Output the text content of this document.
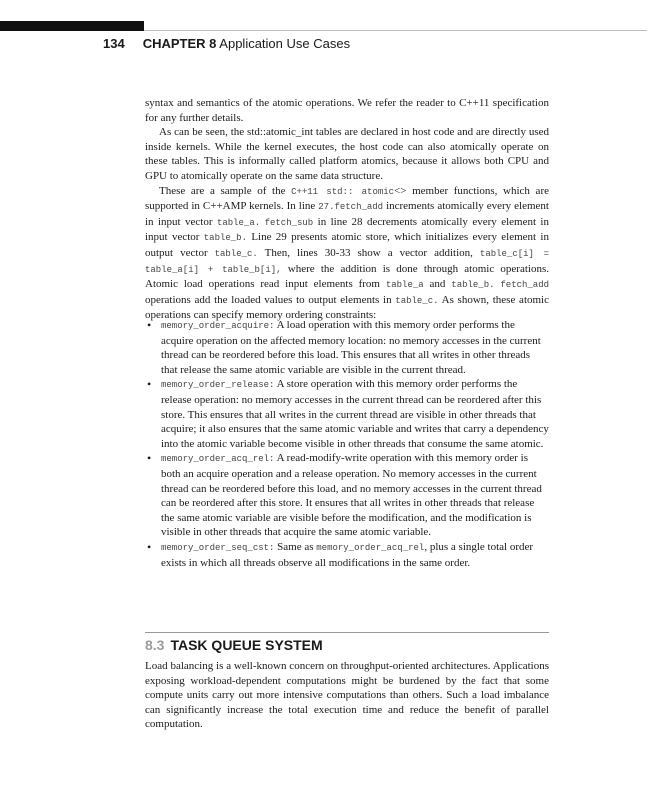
134 CHAPTER 8 Application Use Cases

syntax and semantics of the atomic operations. We refer the reader to C++11 specification for any further details.

As can be seen, the std::atomic_int tables are declared in host code and are directly used inside kernels. While the kernel executes, the host code can also atomically operate on these tables. This is informally called platform atomics, because it allows both CPU and GPU to atomically operate on the same data structure.

These are a sample of the C++11 std:: atomic<> member functions, which are supported in C++AMP kernels. In line 27.fetch_add increments atomically every element in input vector table_a. fetch_sub in line 28 decrements atomically every element in input vector table_b. Line 29 presents atomic store, which initializes every element in output vector table_c. Then, lines 30-33 show a vector addition, table_c[i] = table_a[i] + table_b[i], where the addition is done through atomic operations. Atomic load operations read input elements from table_a and table_b. fetch_add operations add the loaded values to output elements in table_c. As shown, these atomic operations can specify memory ordering constraints:

• memory_order_acquire: A load operation with this memory order performs the acquire operation on the affected memory location: no memory accesses in the current thread can be reordered before this load. This ensures that all writes in other threads that release the same atomic variable are visible in the current thread.
• memory_order_release: A store operation with this memory order performs the release operation: no memory accesses in the current thread can be reordered after this store. This ensures that all writes in the current thread are visible in other threads that acquire; it also ensures that the same atomic variable and writes that carry a dependency into the atomic variable become visible in other threads that consume the same atomic.
• memory_order_acq_rel: A read-modify-write operation with this memory order is both an acquire operation and a release operation. No memory accesses in the current thread can be reordered before this load, and no memory accesses in the current thread can be reordered after this store. It ensures that all writes in other threads that release the same atomic variable are visible before the modification, and the modification is visible in other threads that acquire the same atomic variable.
• memory_order_seq_cst: Same as memory_order_acq_rel, plus a single total order exists in which all threads observe all modifications in the same order.
8.3 TASK QUEUE SYSTEM

Load balancing is a well-known concern on throughput-oriented architectures. Applications exposing workload-dependent computations might be burdened by the fact that some compute units carry out more intensive computations than others. Such a load imbalance can significantly increase the total execution time and reduce the benefit of parallel computation.
